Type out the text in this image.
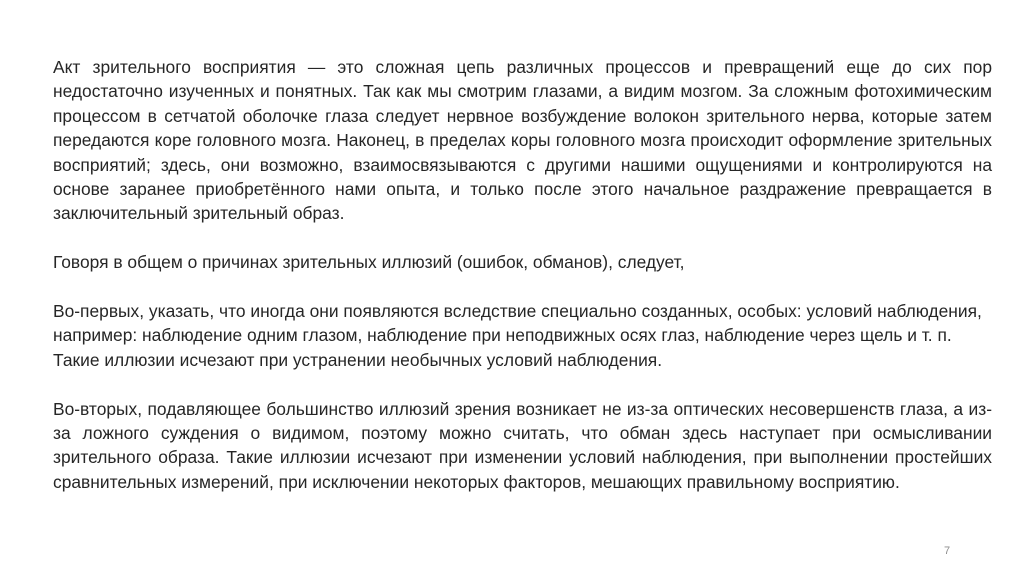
Акт зрительного восприятия — это сложная цепь различных процессов и превращений еще до сих пор недостаточно изученных и понятных. Так как мы смотрим глазами, а видим мозгом. За сложным фотохимическим процессом в сетчатой оболочке глаза следует нервное возбуждение волокон зрительного нерва, которые затем передаются коре головного мозга. Наконец, в пределах коры головного мозга происходит оформление зрительных восприятий; здесь, они возможно, взаимосвязываются с другими нашими ощущениями и контролируются на основе заранее приобретённого нами опыта, и только после этого начальное раздражение превращается в заключительный зрительный образ.

Говоря в общем о причинах зрительных иллюзий (ошибок, обманов), следует,

Во-первых, указать, что иногда они появляются вследствие специально созданных, особых: условий наблюдения, например: наблюдение одним глазом, наблюдение при неподвижных осях глаз, наблюдение через щель и т. п. Такие иллюзии исчезают при устранении необычных условий наблюдения.

Во-вторых, подавляющее большинство иллюзий зрения возникает не из-за оптических несовершенств глаза, а из-за ложного суждения о видимом, поэтому можно считать, что обман здесь наступает при осмысливании зрительного образа. Такие иллюзии исчезают при изменении условий наблюдения, при выполнении простейших сравнительных измерений, при исключении некоторых факторов, мешающих правильному восприятию.

7
